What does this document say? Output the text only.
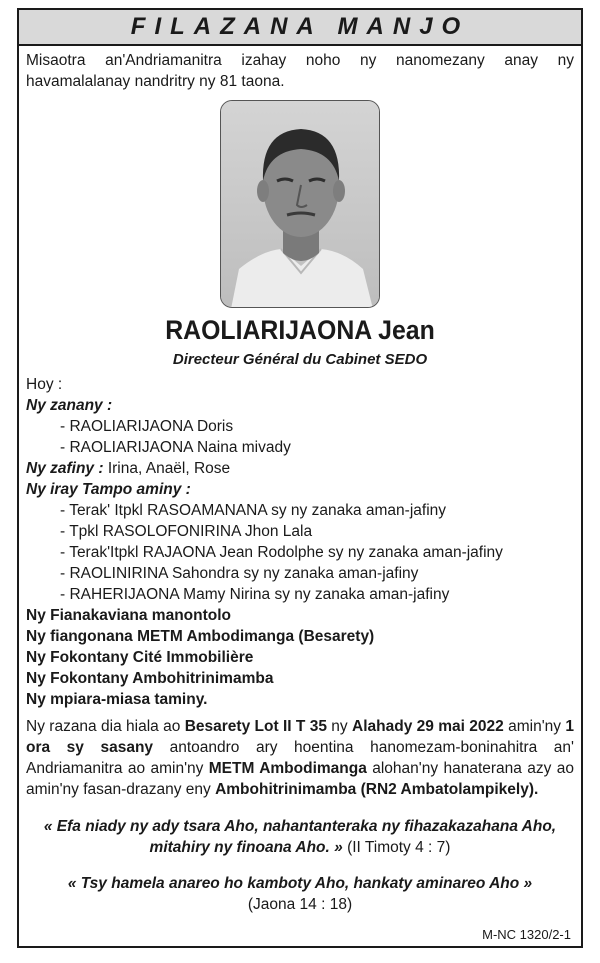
FILAZANA MANJO

Misaotra an'Andriamanitra izahay noho ny nanomezany anay ny havamalalanay nandritry ny 81 taona.

RAOLIARIJAONA Jean
Directeur Général du Cabinet SEDO

Hoy :

Ny zanany :

- RAOLIARIJAONA Doris

- RAOLIARIJAONA Naina mivady

Ny zafiny : Irina, Anaël, Rose

Ny iray Tampo aminy :

- Terak' Itpkl RASOAMANANA sy ny zanaka aman-jafiny

- Tpkl RASOLOFONIRINA Jhon Lala

- Terak'Itpkl RAJAONA Jean Rodolphe sy ny zanaka aman-jafiny

- RAOLINIRINA Sahondra sy ny zanaka aman-jafiny

- RAHERIJAONA Mamy Nirina sy ny zanaka aman-jafiny

Ny Fianakaviana manontolo

Ny fiangonana METM Ambodimanga (Besarety)

Ny Fokontany Cité Immobilière

Ny Fokontany Ambohitrinimamba

Ny mpiara-miasa taminy.

Ny razana dia hiala ao Besarety Lot II T 35 ny Alahady 29 mai 2022 amin'ny 1 ora sy sasany antoandro ary hoentina hanomezam-boninahitra an' Andriamanitra ao amin'ny METM Ambodimanga alohan'ny hanaterana azy ao amin'ny fasan-drazany eny Ambohitrinimamba (RN2 Ambatolampikely).

« Efa niady ny ady tsara Aho, nahantanteraka ny fihazakazahana Aho, mitahiry ny finoana Aho. » (II Timoty 4 : 7)

« Tsy hamela anareo ho kamboty Aho, hankaty aminareo Aho »
(Jaona 14 : 18)

M-NC 1320/2-1
